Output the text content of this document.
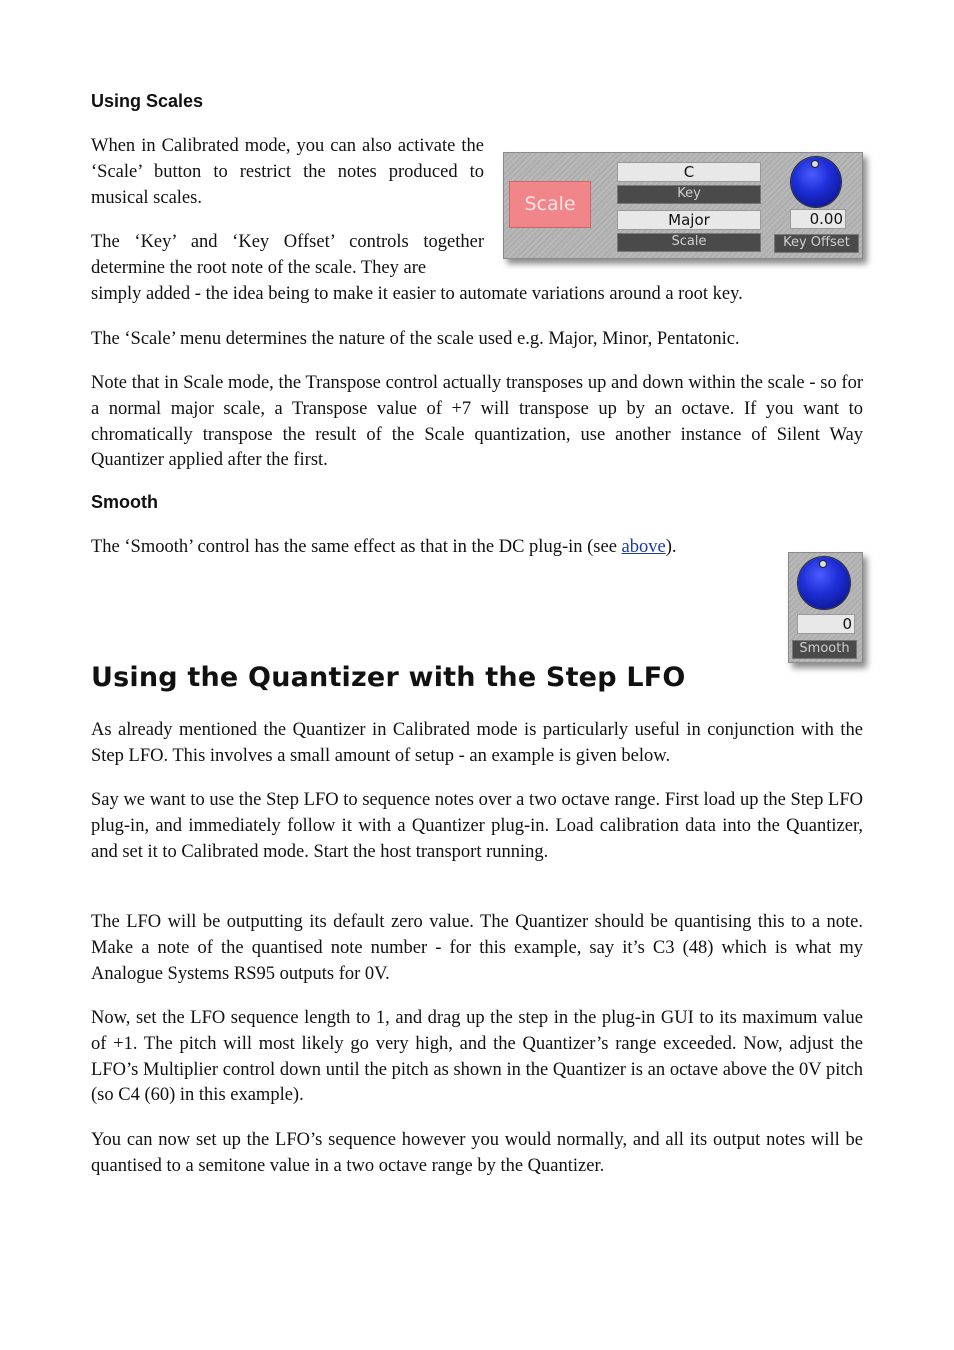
Using Scales

When in Calibrated mode, you can also activate the ‘Scale’ button to restrict the notes produced to musical scales.

The ‘Key’ and ‘Key Offset’ controls together determine the root note of the scale. They are

simply added - the idea being to make it easier to automate variations around a root key.

The ‘Scale’ menu determines the nature of the scale used e.g. Major, Minor, Pentatonic.

Note that in Scale mode, the Transpose control actually transposes up and down within the scale - so for a normal major scale, a Transpose value of +7 will transpose up by an octave. If you want to chromatically transpose the result of the Scale quantization, use another instance of Silent Way Quantizer applied after the first.

Scale
C
Key
Major
Scale
0.00
Key Offset
Smooth

The ‘Smooth’ control has the same effect as that in the DC plug-in (see above).

0
Smooth
Using the Quantizer with the Step LFO

As already mentioned the Quantizer in Calibrated mode is particularly useful in conjunction with the Step LFO. This involves a small amount of setup - an example is given below.

Say we want to use the Step LFO to sequence notes over a two octave range. First load up the Step LFO plug-in, and immediately follow it with a Quantizer plug-in. Load calibration data into the Quantizer, and set it to Calibrated mode. Start the host transport running.

The LFO will be outputting its default zero value. The Quantizer should be quantising this to a note. Make a note of the quantised note number - for this example, say it’s C3 (48) which is what my Analogue Systems RS95 outputs for 0V.

Now, set the LFO sequence length to 1, and drag up the step in the plug-in GUI to its maximum value of +1. The pitch will most likely go very high, and the Quantizer’s range exceeded. Now, adjust the LFO’s Multiplier control down until the pitch as shown in the Quantizer is an octave above the 0V pitch (so C4 (60) in this example).

You can now set up the LFO’s sequence however you would normally, and all its output notes will be quantised to a semitone value in a two octave range by the Quantizer.
